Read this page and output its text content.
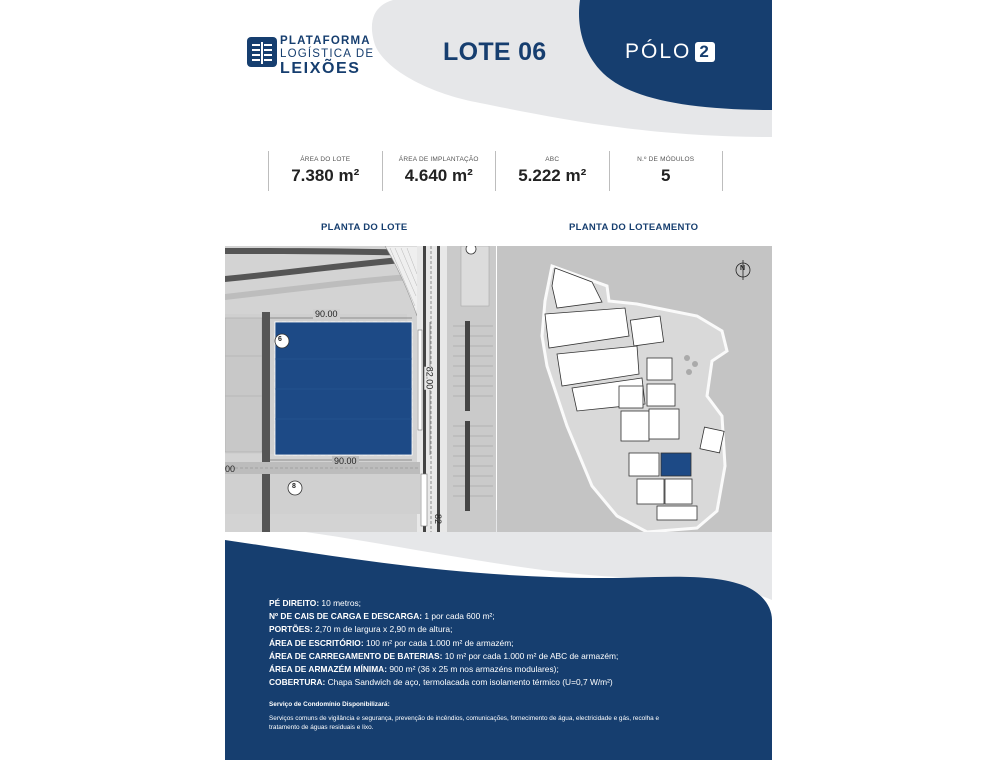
PLATAFORMA
LOGÍSTICA DE
LEIXÕES
LOTE 06	PÓLO 2
ÁREA DO LOTE
7.380 m²
ÁREA DE IMPLANTAÇÃO
4.640 m²
ABC
5.222 m²
N.º DE MÓDULOS
5
PLANTA DO LOTE	PLANTA DO LOTEAMENTO
90.00
90.00
00
82.00
82
6
8
N
PÉ DIREITO: 10 metros;
Nº DE CAIS DE CARGA E DESCARGA: 1 por cada 600 m²;
PORTÕES: 2,70 m de largura x 2,90 m de altura;
ÁREA DE ESCRITÓRIO: 100 m² por cada 1.000 m² de armazém;
ÁREA DE CARREGAMENTO DE BATERIAS: 10 m² por cada 1.000 m² de ABC de armazém;
ÁREA DE ARMAZÉM MÍNIMA: 900 m² (36 x 25 m nos armazéns modulares);
COBERTURA: Chapa Sandwich de aço, termolacada com isolamento térmico (U=0,7 W/m²)
Serviço de Condomínio Disponibilizará:
Serviços comuns de vigilância e segurança, prevenção de incêndios, comunicações, fornecimento de água, electricidade e gás, recolha e tratamento de águas residuais e lixo.
